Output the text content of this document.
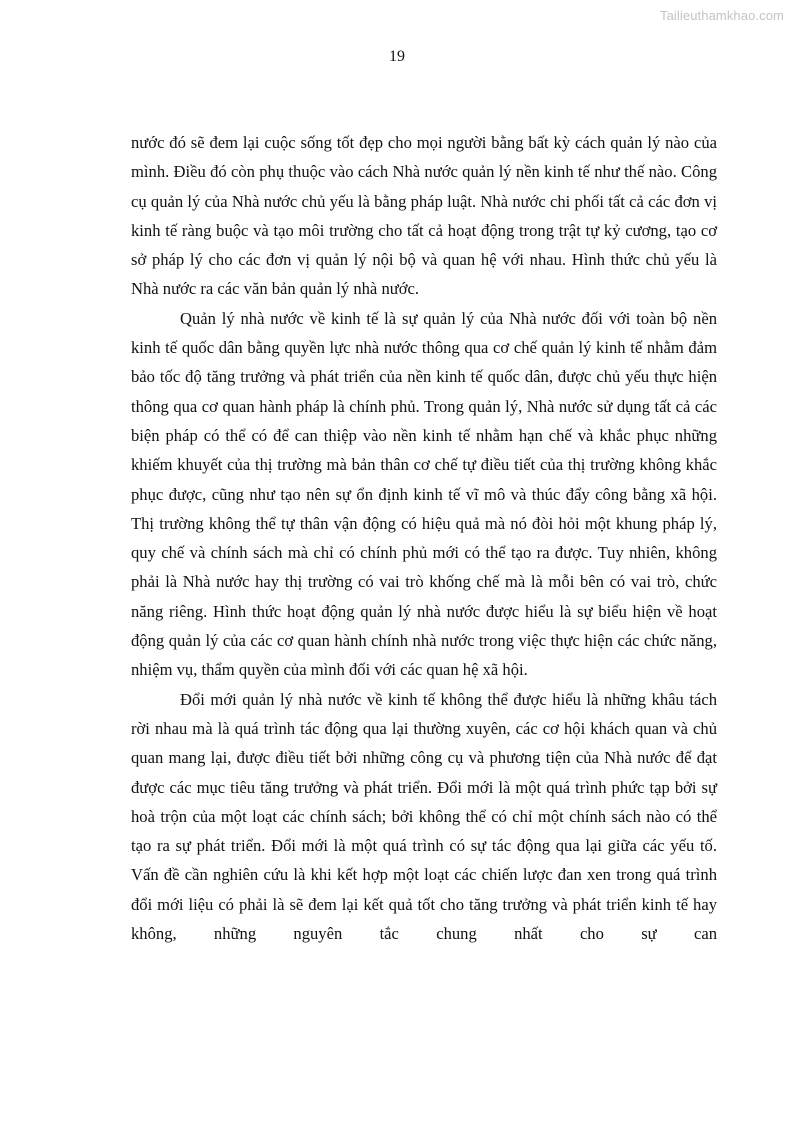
Tailieuthamkhao.com
19

nước đó sẽ đem lại cuộc sống tốt đẹp cho mọi người bằng bất kỳ cách quản lý nào của mình. Điều đó còn phụ thuộc vào cách Nhà nước quản lý nền kinh tế như thế nào. Công cụ quản lý của Nhà nước chủ yếu là bằng pháp luật. Nhà nước chi phối tất cả các đơn vị kinh tế ràng buộc và tạo môi trường cho tất cả hoạt động trong trật tự kỷ cương, tạo cơ sở pháp lý cho các đơn vị quản lý nội bộ và quan hệ với nhau. Hình thức chủ yếu là Nhà nước ra các văn bản quản lý nhà nước.

Quản lý nhà nước về kinh tế là sự quản lý của Nhà nước đối với toàn bộ nền kinh tế quốc dân bằng quyền lực nhà nước thông qua cơ chế quản lý kinh tế nhằm đảm bảo tốc độ tăng trưởng và phát triển của nền kinh tế quốc dân, được chủ yếu thực hiện thông qua cơ quan hành pháp là chính phủ. Trong quản lý, Nhà nước sử dụng tất cả các biện pháp có thể có để can thiệp vào nền kinh tế nhằm hạn chế và khắc phục những khiếm khuyết của thị trường mà bản thân cơ chế tự điều tiết của thị trường không khắc phục được, cũng như tạo nên sự ổn định kinh tế vĩ mô và thúc đẩy công bằng xã hội. Thị trường không thể tự thân vận động có hiệu quả mà nó đòi hỏi một khung pháp lý, quy chế và chính sách mà chỉ có chính phủ mới có thể tạo ra được. Tuy nhiên, không phải là Nhà nước hay thị trường có vai trò khống chế mà là mỗi bên có vai trò, chức năng riêng. Hình thức hoạt động quản lý nhà nước được hiểu là sự biểu hiện về hoạt động quản lý của các cơ quan hành chính nhà nước trong việc thực hiện các chức năng, nhiệm vụ, thẩm quyền của mình đối với các quan hệ xã hội.

Đổi mới quản lý nhà nước về kinh tế không thể được hiểu là những khâu tách rời nhau mà là quá trình tác động qua lại thường xuyên, các cơ hội khách quan và chủ quan mang lại, được điều tiết bởi những công cụ và phương tiện của Nhà nước để đạt được các mục tiêu tăng trưởng và phát triển. Đổi mới là một quá trình phức tạp bởi sự hoà trộn của một loạt các chính sách; bởi không thể có chỉ một chính sách nào có thể tạo ra sự phát triển. Đổi mới là một quá trình có sự tác động qua lại giữa các yếu tố. Vấn đề cần nghiên cứu là khi kết hợp một loạt các chiến lược đan xen trong quá trình đổi mới liệu có phải là sẽ đem lại kết quả tốt cho tăng trưởng và phát triển kinh tế hay không, những nguyên tắc chung nhất cho sự can
